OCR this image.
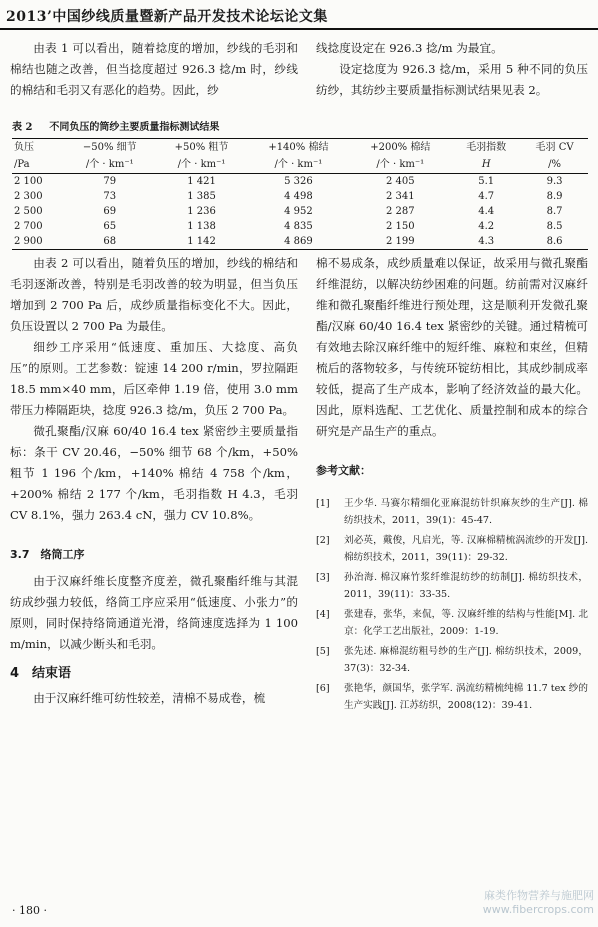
2013’中国纱线质量暨新产品开发技术论坛论文集

由表 1 可以看出，随着捻度的增加，纱线的毛羽和棉结也随之改善，但当捻度超过 926.3 捻/m 时，纱线的棉结和毛羽又有恶化的趋势。因此，纱

线捻度设定在 926.3 捻/m 为最宜。

设定捻度为 926.3 捻/m，采用 5 种不同的负压纺纱，其纺纱主要质量指标测试结果见表 2。

表 2 不同负压的筒纱主要质量指标测试结果
负压	−50% 细节	+50% 粗节	+140% 棉结	+200% 棉结	毛羽指数	毛羽 CV
/Pa	/个 · km⁻¹	/个 · km⁻¹	/个 · km⁻¹	/个 · km⁻¹	H	/%
2 100	79	1 421	5 326	2 405	5.1	9.3
2 300	73	1 385	4 498	2 341	4.7	8.9
2 500	69	1 236	4 952	2 287	4.4	8.7
2 700	65	1 138	4 835	2 150	4.2	8.5
2 900	68	1 142	4 869	2 199	4.3	8.6

由表 2 可以看出，随着负压的增加，纱线的棉结和毛羽逐渐改善，特别是毛羽改善的较为明显，但当负压增加到 2 700 Pa 后，成纱质量指标变化不大。因此，负压设置以 2 700 Pa 为最佳。

细纱工序采用“低速度、重加压、大捻度、高负压”的原则。工艺参数：锭速 14 200 r/min，罗拉隔距 18.5 mm×40 mm，后区牵伸 1.19 倍，使用 3.0 mm 带压力棒隔距块，捻度 926.3 捻/m，负压 2 700 Pa。

微孔聚酯/汉麻 60/40 16.4 tex 紧密纱主要质量指标：条干 CV 20.46，−50% 细节 68 个/km，+50% 粗节 1 196 个/km，+140% 棉结 4 758 个/km，+200% 棉结 2 177 个/km，毛羽指数 H 4.3，毛羽 CV 8.1%，强力 263.4 cN，强力 CV 10.8%。

3.7　络筒工序

由于汉麻纤维长度整齐度差，微孔聚酯纤维与其混纺成纱强力较低，络筒工序应采用“低速度、小张力”的原则，同时保持络筒通道光滑，络筒速度选择为 1 100 m/min，以减少断头和毛羽。

4　结束语

由于汉麻纤维可纺性较差，清棉不易成卷，梳

棉不易成条，成纱质量难以保证，故采用与微孔聚酯纤维混纺，以解决纺纱困难的问题。纺前需对汉麻纤维和微孔聚酯纤维进行预处理，这是顺利开发微孔聚酯/汉麻 60/40 16.4 tex 紧密纱的关键。通过精梳可有效地去除汉麻纤维中的短纤维、麻粒和束丝，但精梳后的落物较多，与传统环锭纺相比，其成纱制成率较低，提高了生产成本，影响了经济效益的最大化。因此，原料选配、工艺优化、质量控制和成本的综合研究是产品生产的重点。

参考文献：
[1]	王少华. 马赛尔精细化亚麻混纺针织麻灰纱的生产[J]. 棉纺织技术，2011，39(1)：45-47.
[2]	刘必英，戴俊，凡启光，等. 汉麻棉精梳涡流纱的开发[J]. 棉纺织技术，2011，39(11)：29-32.
[3]	孙治海. 棉汉麻竹浆纤维混纺纱的纺制[J]. 棉纺织技术，2011，39(11)：33-35.
[4]	张建春，张华，来侃，等. 汉麻纤维的结构与性能[M]. 北京：化学工艺出版社，2009：1-19.
[5]	张先述. 麻棉混纺粗号纱的生产[J]. 棉纺织技术，2009，37(3)：32-34.
[6]	张艳华，颜国华，张学军. 涡流纺精梳纯棉 11.7 tex 纱的生产实践[J]. 江苏纺织，2008(12)：39-41.
· 180 ·
麻类作物营养与施肥网
www.fibercrops.com
